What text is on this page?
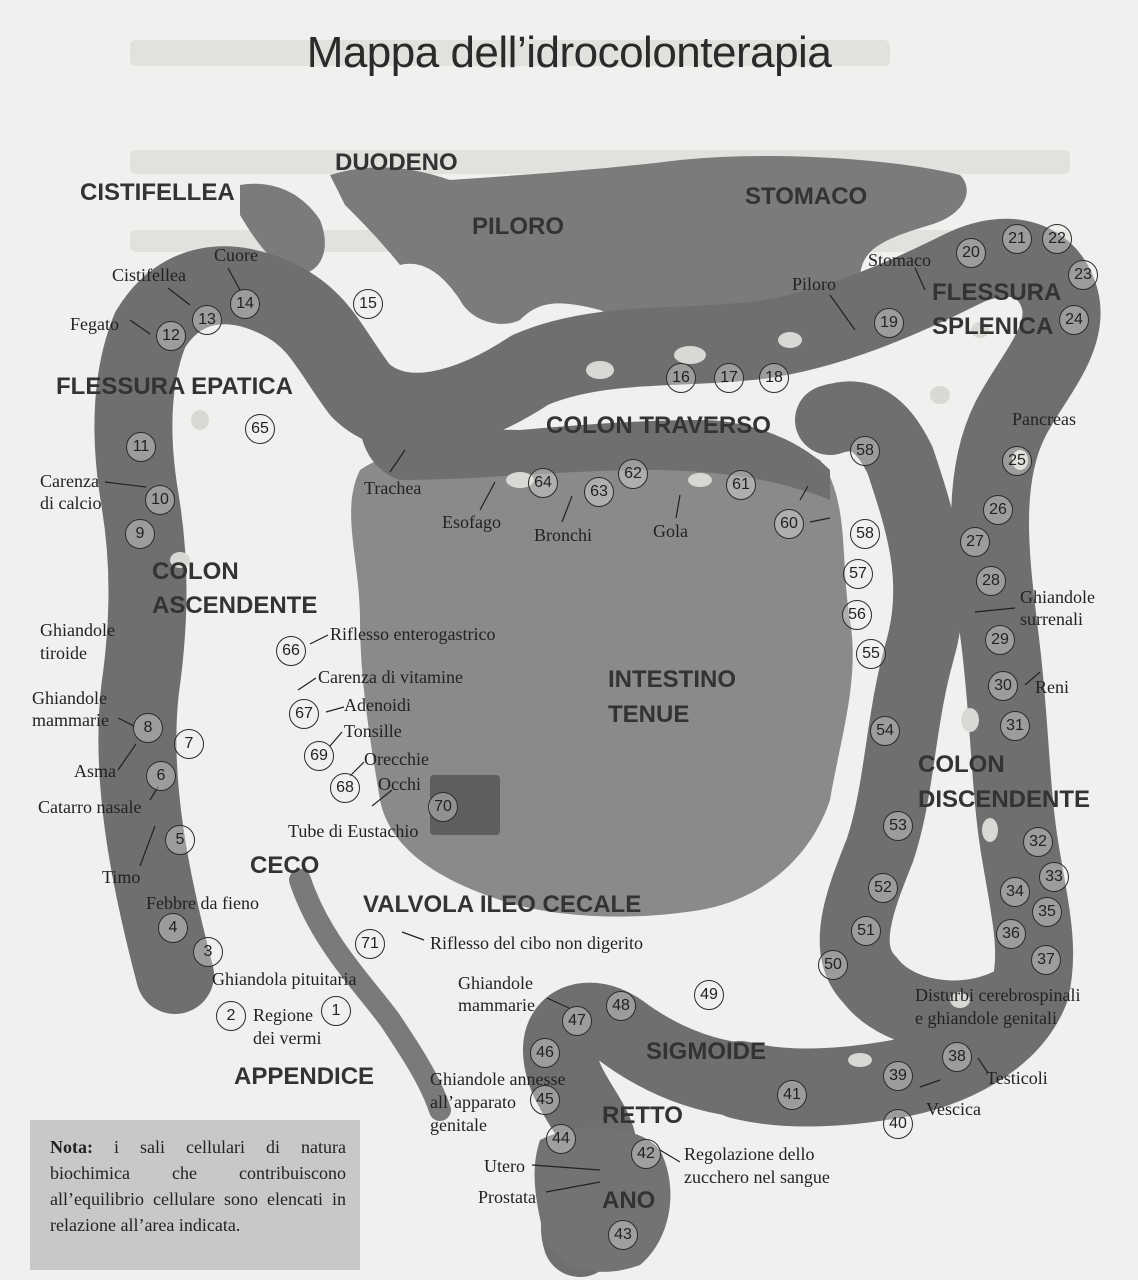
Mappa dell’idrocolonterapia
DUODENO
CISTIFELLEA
PILORO
STOMACO
FLESSURA
SPLENICA
FLESSURA EPATICA
COLON TRAVERSO
COLON
ASCENDENTE
INTESTINO
TENUE
COLON
DISCENDENTE
CECO
VALVOLA ILEO CECALE
APPENDICE
SIGMOIDE
RETTO
ANO
Cuore
Cistifellea
Fegato
Stomaco
Piloro
Pancreas
Carenza
di calcio
Trachea
Esofago
Bronchi	Gola
Ghiandole
surrenali
Ghiandole
tiroide
Riflesso enterogastrico
Carenza di vitamine
Adenoidi
Tonsille
Orecchie
Occhi
Tube di Eustachio
Reni
Ghiandole
mammarie
Asma
Catarro nasale
Timo
Febbre da fieno
Riflesso del cibo non digerito
Ghiandola pituitaria
Regione
dei vermi
Ghiandole
mammarie	Disturbi cerebrospinali
e ghiandole genitali
Ghiandole annesse
all’apparato
genitale
Testicoli
Vescica
Utero
Regolazione dello
zucchero nel sangue
Prostata
1
2
3
4
5
6
7
8
9
10
11
12
13
14	15
16	17	18
19
20
21	22
23
24
25
26
27
28
29
30
31
32
33
34
35
36
37
38
39
40
41
42
43
44
45
46
47
48
49
50
51
52
53
54
55
56
57
58
58
60
61
62
63
64
65
66
67
68
69
70
71
Nota: i sali cellulari di natura biochimica che contribuiscono all’equilibrio cellulare sono elencati in relazione all’area indicata.
